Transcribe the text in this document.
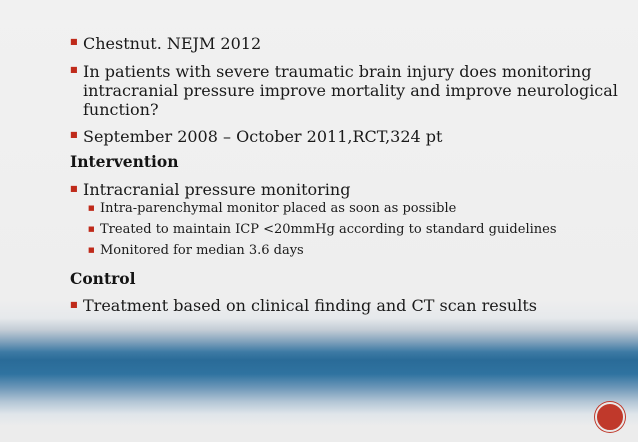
■ Chestnut. NEJM 2012
■ In patients with severe traumatic brain injury does monitoring
intracranial pressure improve mortality and improve neurological
function?
■ September 2008 – October 2011,RCT,324 pt
Intervention
■ Intracranial pressure monitoring
■ Intra-parenchymal monitor placed as soon as possible
■ Treated to maintain ICP <20mmHg according to standard guidelines
■ Monitored for median 3.6 days
Control
■ Treatment based on clinical finding and CT scan results
